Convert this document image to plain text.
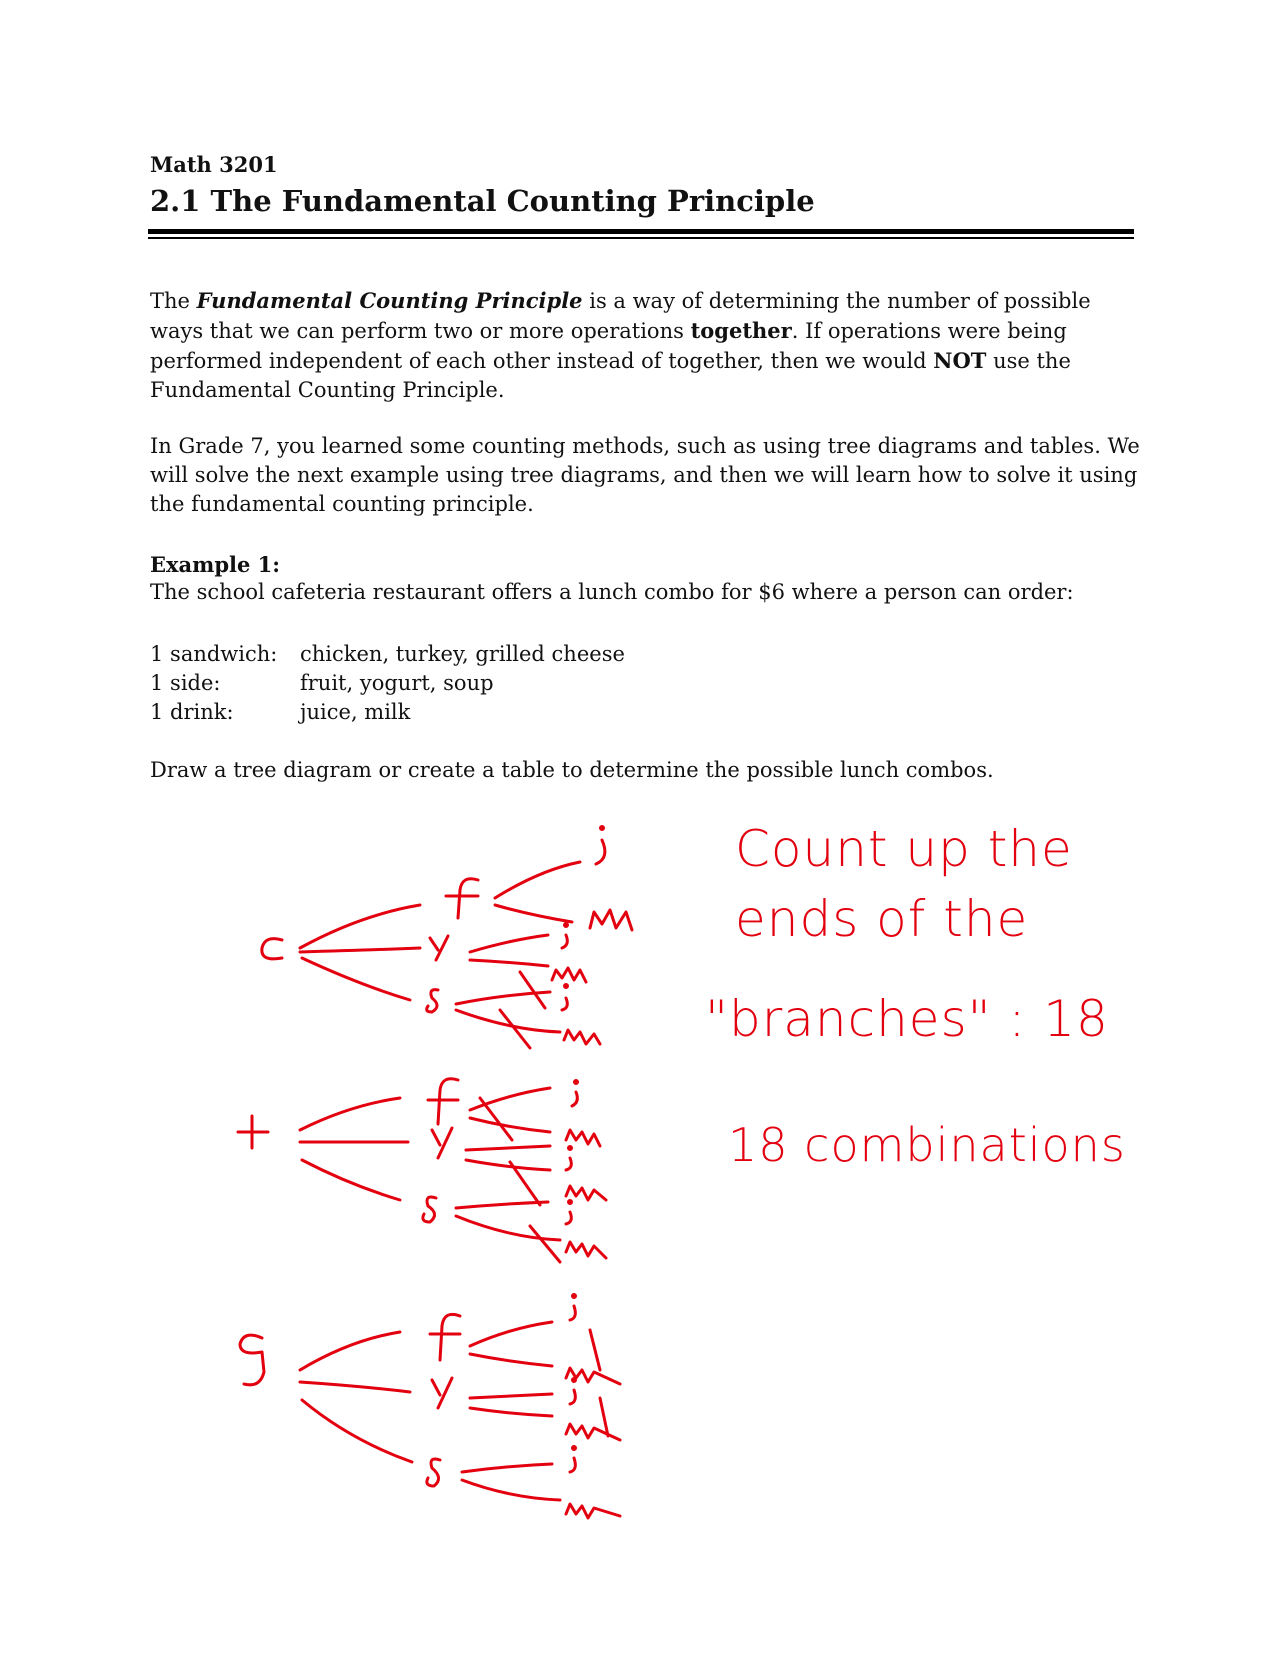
Math 3201
2.1 The Fundamental Counting Principle
The Fundamental Counting Principle is a way of determining the number of possible ways that we can perform two or more operations together. If operations were being performed independent of each other instead of together, then we would NOT use the Fundamental Counting Principle.
In Grade 7, you learned some counting methods, such as using tree diagrams and tables. We will solve the next example using tree diagrams, and then we will learn how to solve it using the fundamental counting principle.
Example 1:
The school cafeteria restaurant offers a lunch combo for $6 where a person can order:
1 sandwich:	chicken, turkey, grilled cheese
1 side:	fruit, yogurt, soup
1 drink:	juice, milk
Draw a tree diagram or create a table to determine the possible lunch combos.
Count up the
ends of the
"branches" : 18
18 combinations
